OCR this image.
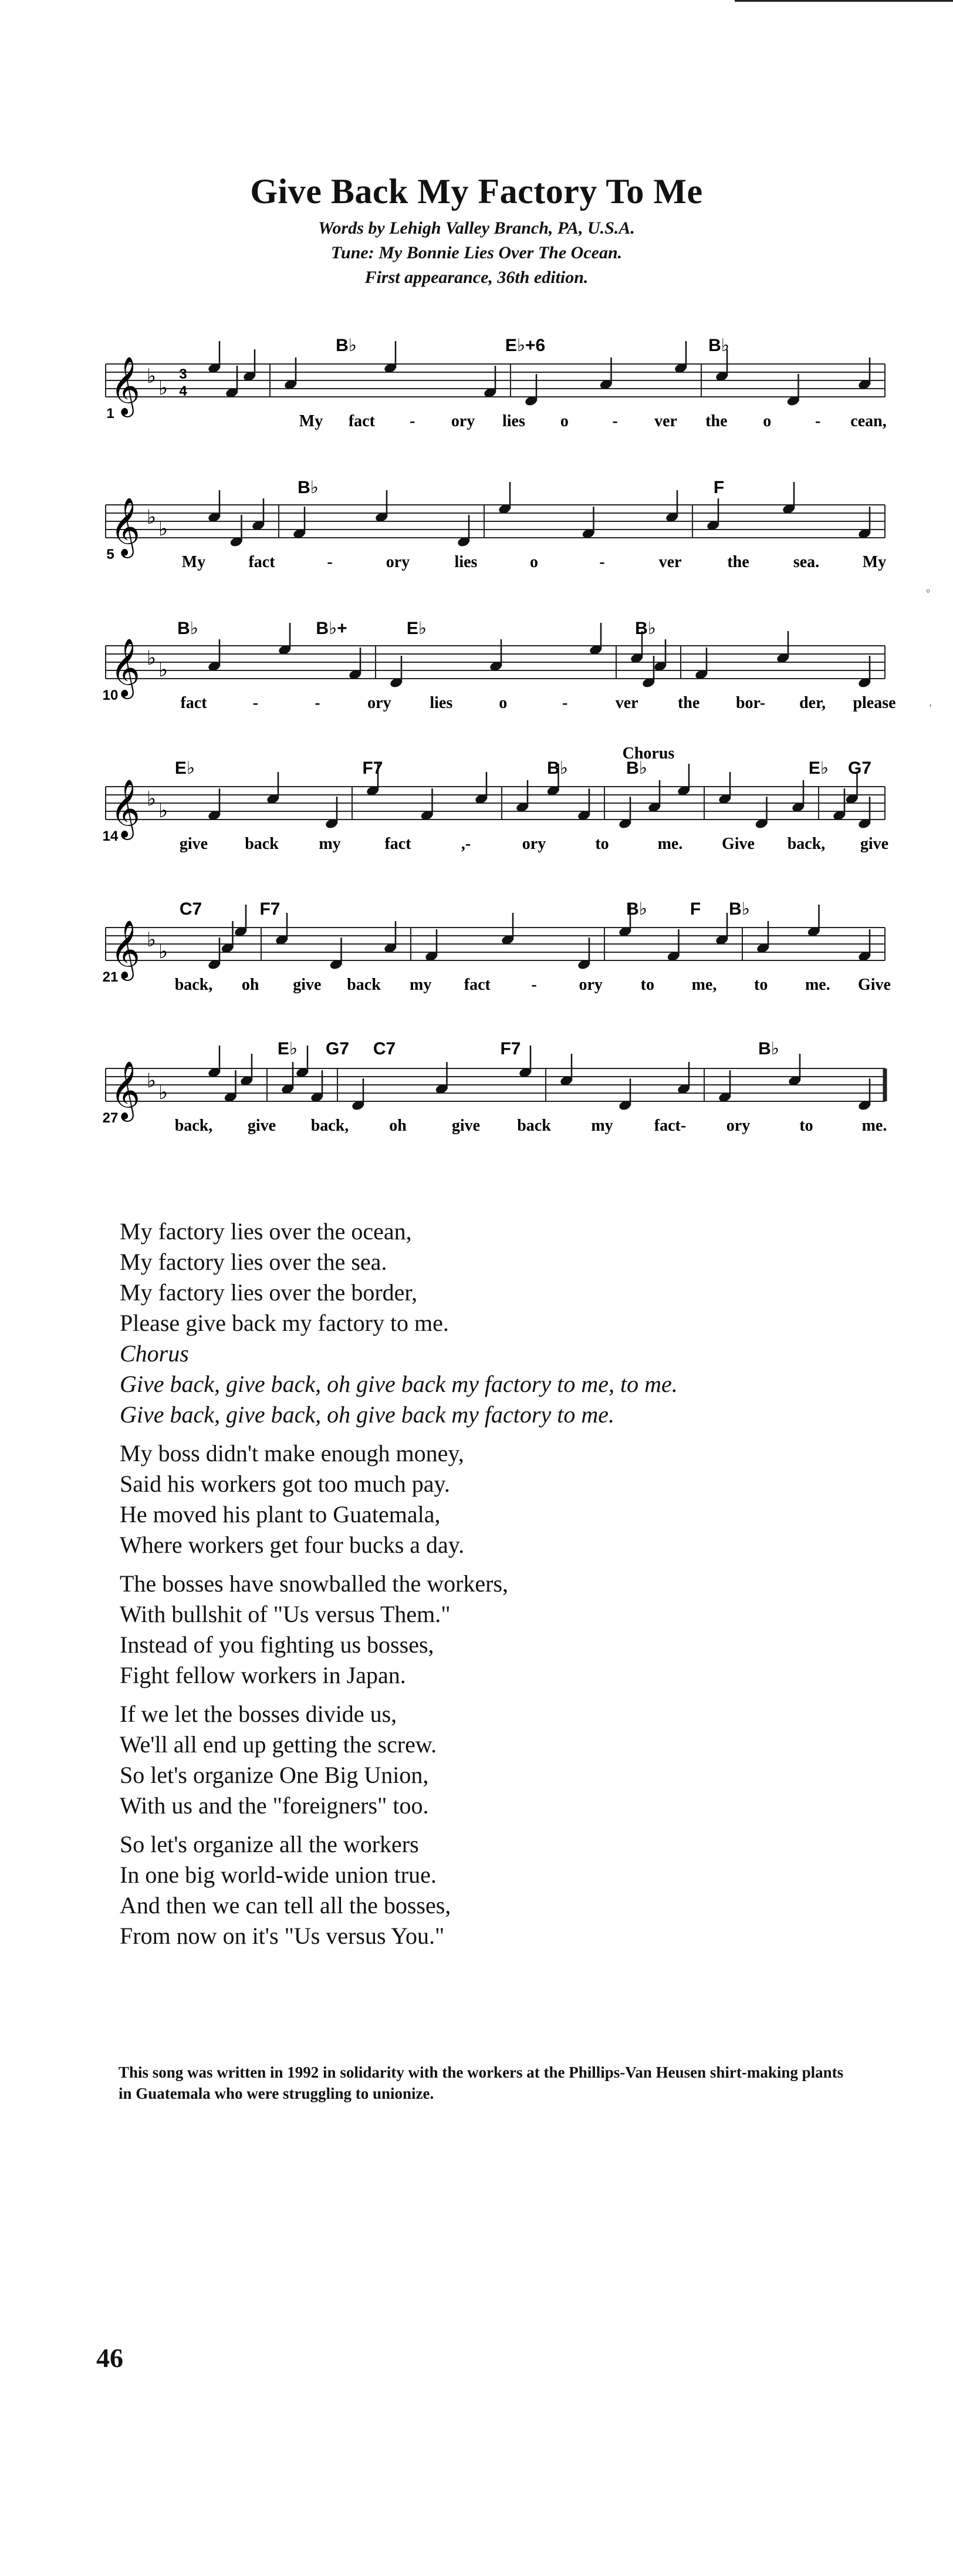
Give Back My Factory To Me
Words by Lehigh Valley Branch, PA, U.S.A.
Tune: My Bonnie Lies Over The Ocean.
First appearance, 36th edition.
𝄞 ♭
♭
3
4
1
B♭	E♭+6	B♭
My fact - ory lies o	- ver the o	- cean,
𝄞 ♭
♭
5
B♭	F
My	fact	-	ory	lies	o	-	ver	the	sea.	My
𝄞 ♭
♭
10
B♭	B♭+	E♭	B♭
fact	-	-	ory lies	o	-	ver the bor- der, please
𝄞 ♭
♭
14
E♭	F7	B♭	B♭	E♭ G7
give back my	fact	,-	ory	to	me. Give back, give
Chorus
𝄞 ♭
♭
21
C7	F7	B♭ F B♭
back, oh give back my fact -	ory to me, to me. Give
𝄞 ♭
♭
27
E♭ G7 C7	F7	B♭
back, give back, oh	give back my	fact- ory	to	me.
My factory lies over the ocean,
My factory lies over the sea.
My factory lies over the border,
Please give back my factory to me.
Chorus
Give back, give back, oh give back my factory to me, to me.
Give back, give back, oh give back my factory to me.
My boss didn't make enough money,
Said his workers got too much pay.
He moved his plant to Guatemala,
Where workers get four bucks a day.
The bosses have snowballed the workers,
With bullshit of "Us versus Them."
Instead of you fighting us bosses,
Fight fellow workers in Japan.
If we let the bosses divide us,
We'll all end up getting the screw.
So let's organize One Big Union,
With us and the "foreigners" too.
So let's organize all the workers
In one big world-wide union true.
And then we can tell all the bosses,
From now on it's "Us versus You."
This song was written in 1992 in solidarity with the workers at the Phillips-Van Heusen shirt-making plants in Guatemala who were struggling to unionize.
46
°
'
